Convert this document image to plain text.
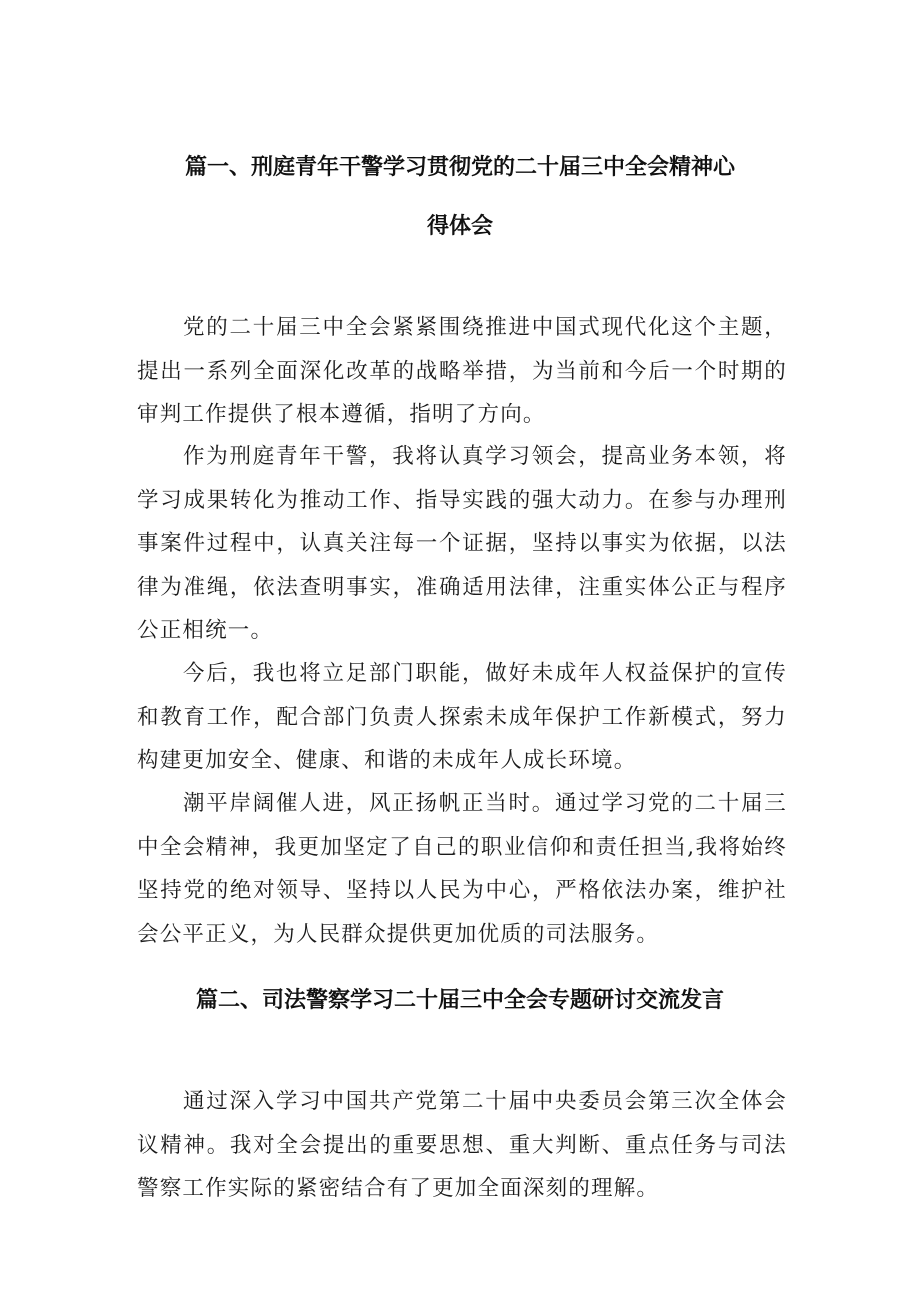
篇一、刑庭青年干警学习贯彻党的二十届三中全会精神心
得体会

党的二十届三中全会紧紧围绕推进中国式现代化这个主题，提出一系列全面深化改革的战略举措，为当前和今后一个时期的审判工作提供了根本遵循，指明了方向。

作为刑庭青年干警，我将认真学习领会，提高业务本领，将学习成果转化为推动工作、指导实践的强大动力。在参与办理刑事案件过程中，认真关注每一个证据，坚持以事实为依据，以法律为准绳，依法查明事实，准确适用法律，注重实体公正与程序公正相统一。

今后，我也将立足部门职能，做好未成年人权益保护的宣传和教育工作，配合部门负责人探索未成年保护工作新模式，努力构建更加安全、健康、和谐的未成年人成长环境。

潮平岸阔催人进，风正扬帆正当时。通过学习党的二十届三中全会精神，我更加坚定了自己的职业信仰和责任担当,我将始终坚持党的绝对领导、坚持以人民为中心，严格依法办案，维护社会公平正义，为人民群众提供更加优质的司法服务。

篇二、司法警察学习二十届三中全会专题研讨交流发言

通过深入学习中国共产党第二十届中央委员会第三次全体会议精神。我对全会提出的重要思想、重大判断、重点任务与司法警察工作实际的紧密结合有了更加全面深刻的理解。
